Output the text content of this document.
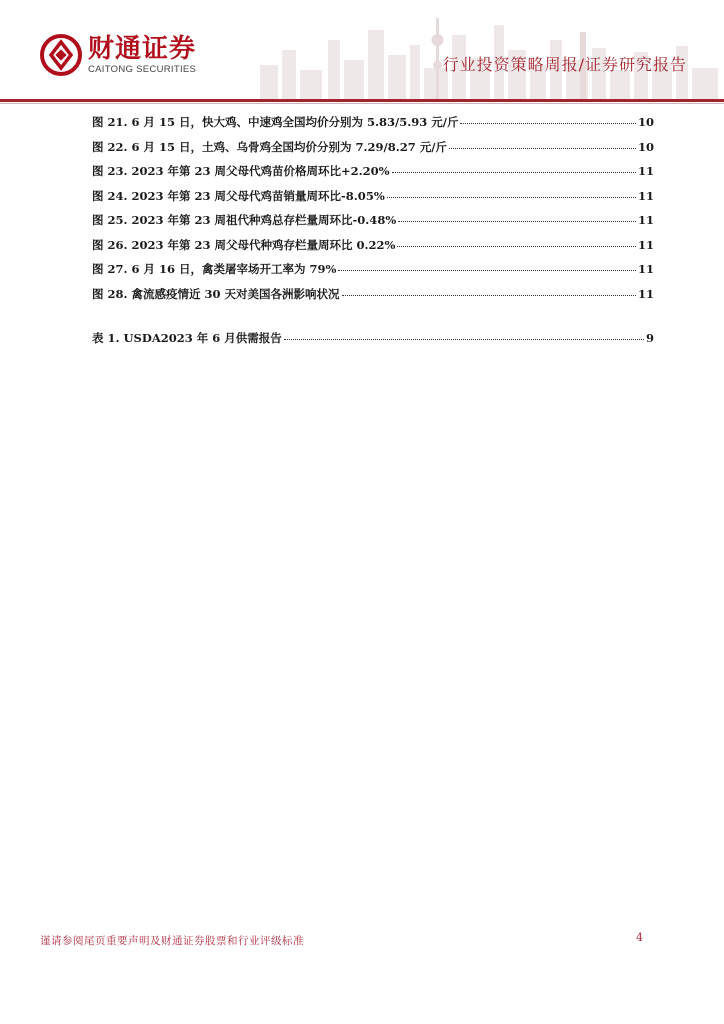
财通证券
CAITONG SECURITIES	行业投资策略周报/证券研究报告
图 21. 6 月 15 日，快大鸡、中速鸡全国均价分别为 5.83/5.93 元/斤	10
图 22. 6 月 15 日，土鸡、乌骨鸡全国均价分别为 7.29/8.27 元/斤	10
图 23. 2023 年第 23 周父母代鸡苗价格周环比+2.20%	11
图 24. 2023 年第 23 周父母代鸡苗销量周环比-8.05%	11
图 25. 2023 年第 23 周祖代种鸡总存栏量周环比-0.48%	11
图 26. 2023 年第 23 周父母代种鸡存栏量周环比 0.22%	11
图 27. 6 月 16 日，禽类屠宰场开工率为 79%	11
图 28. 禽流感疫情近 30 天对美国各洲影响状况	11
表 1. USDA2023 年 6 月供需报告	9
谨请参阅尾页重要声明及财通证券股票和行业评级标准	4
